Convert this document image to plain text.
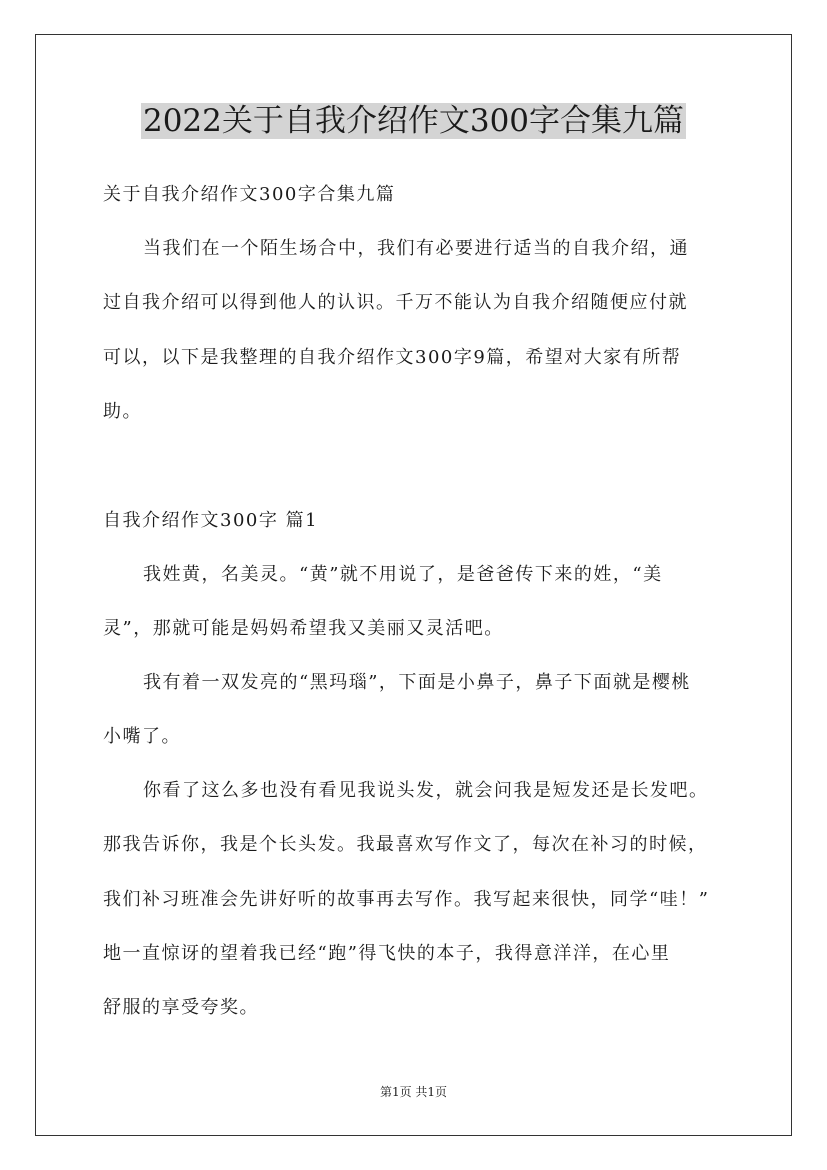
2022关于自我介绍作文300字合集九篇
关于自我介绍作文300字合集九篇
当我们在一个陌生场合中，我们有必要进行适当的自我介绍，通
过自我介绍可以得到他人的认识。千万不能认为自我介绍随便应付就
可以，以下是我整理的自我介绍作文300字9篇，希望对大家有所帮
助。
自我介绍作文300字 篇1
我姓黄，名美灵。“黄”就不用说了，是爸爸传下来的姓，“美
灵”，那就可能是妈妈希望我又美丽又灵活吧。
我有着一双发亮的“黑玛瑙”，下面是小鼻子，鼻子下面就是樱桃
小嘴了。
你看了这么多也没有看见我说头发，就会问我是短发还是长发吧。
那我告诉你，我是个长头发。我最喜欢写作文了，每次在补习的时候，
我们补习班准会先讲好听的故事再去写作。我写起来很快，同学“哇！”
地一直惊讶的望着我已经“跑”得飞快的本子，我得意洋洋，在心里
舒服的享受夸奖。
第1页 共1页
